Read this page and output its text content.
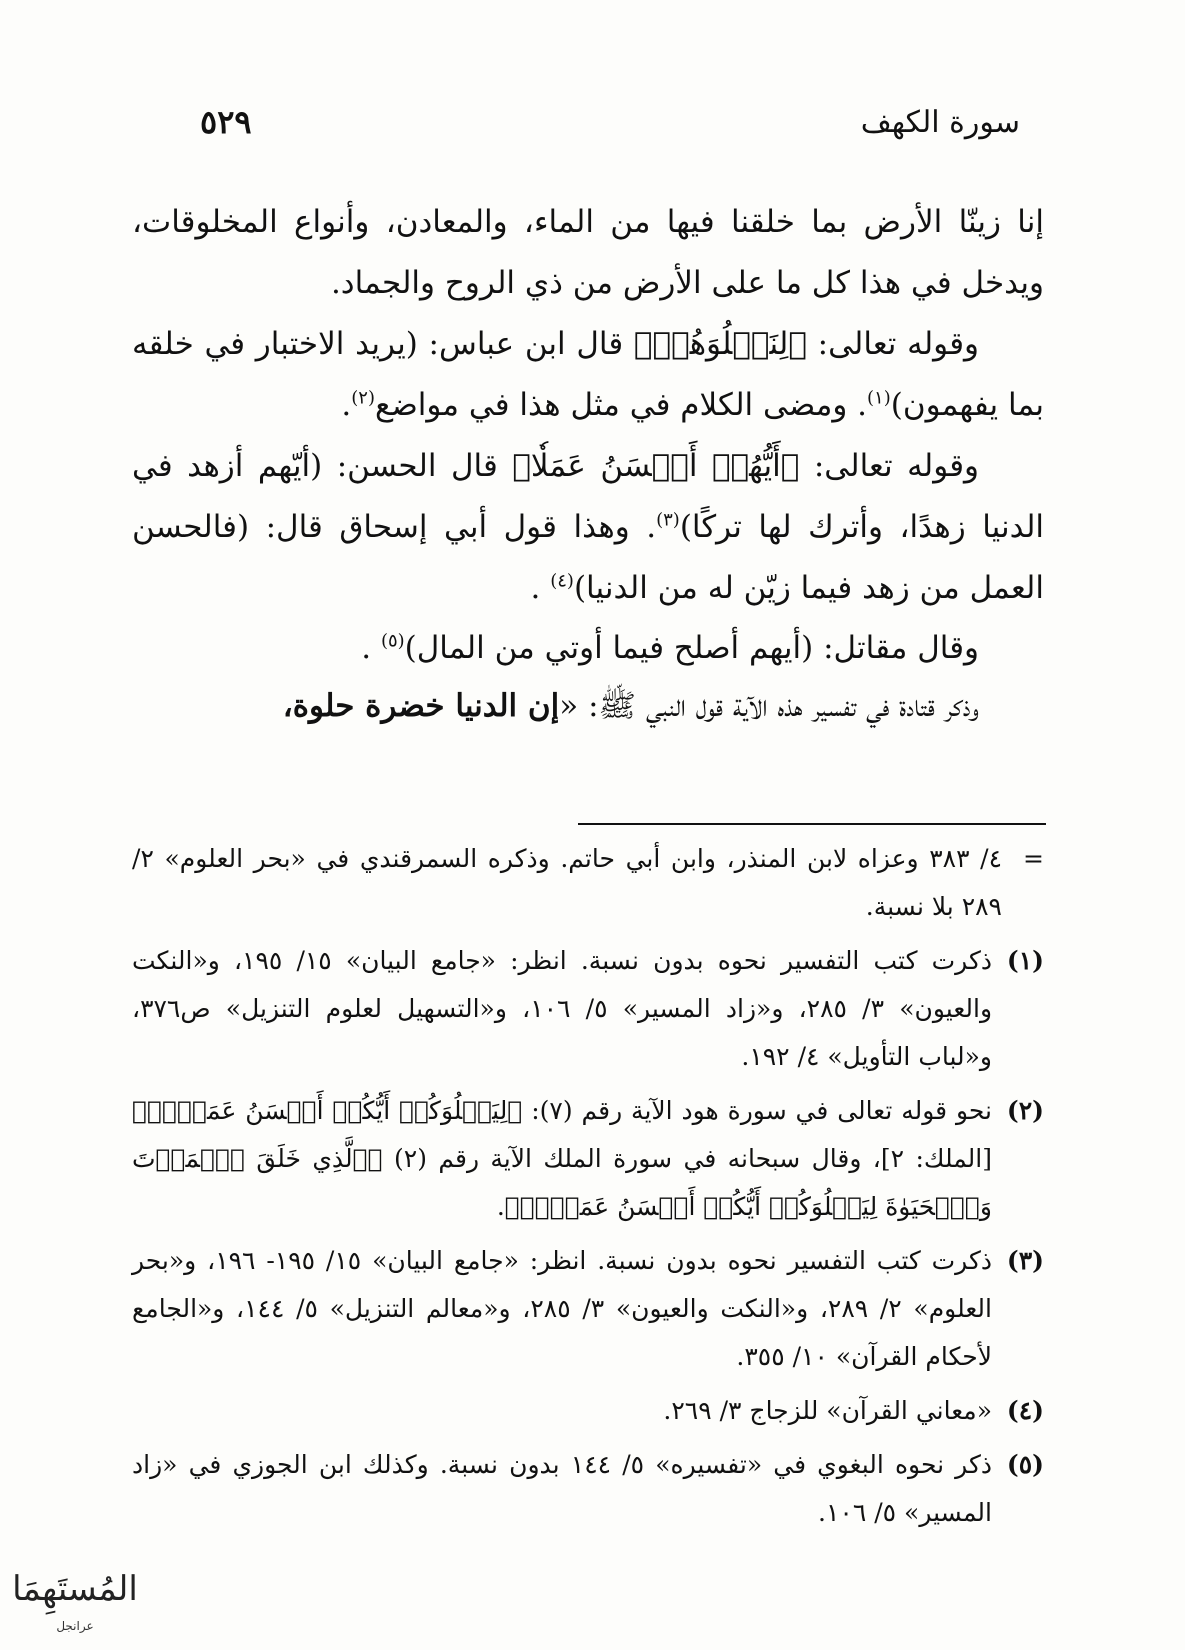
سورة الكهف
٥٢٩

إنا زينّا الأرض بما خلقنا فيها من الماء، والمعادن، وأنواع المخلوقات، ويدخل في هذا كل ما على الأرض من ذي الروح والجماد.

وقوله تعالى: ﴿لِنَبۡلُوَهُمۡ﴾ قال ابن عباس: (يريد الاختبار في خلقه بما يفهمون)$^{(١)}$. ومضى الكلام في مثل هذا في مواضع$^{(٢)}$.

وقوله تعالى: ﴿أَيُّهُمۡ أَحۡسَنُ عَمَلٗا﴾ قال الحسن: (أيّهم أزهد في الدنيا زهدًا، وأترك لها تركًا)$^{(٣)}$. وهذا قول أبي إسحاق قال: (فالحسن العمل من زهد فيما زيّن له من الدنيا)$^{(٤)}$ .

وقال مقاتل: (أيهم أصلح فيما أوتي من المال)$^{(٥)}$ .

وذكر قتادة في تفسير هذه الآية قول النبي ﷺ: «إن الدنيا خضرة حلوة،

=
٤/ ٣٨٣ وعزاه لابن المنذر، وابن أبي حاتم. وذكره السمرقندي في «بحر العلوم» ٢/ ٢٨٩ بلا نسبة.
(١)
ذكرت كتب التفسير نحوه بدون نسبة. انظر: «جامع البيان» ١٥/ ١٩٥، و«النكت والعيون» ٣/ ٢٨٥، و«زاد المسير» ٥/ ١٠٦، و«التسهيل لعلوم التنزيل» ص٣٧٦، و«لباب التأويل» ٤/ ١٩٢.
(٢)
نحو قوله تعالى في سورة هود الآية رقم (٧): ﴿لِيَبۡلُوَكُمۡ أَيُّكُمۡ أَحۡسَنُ عَمَلٗاۗ﴾ [الملك: ٢]، وقال سبحانه في سورة الملك الآية رقم (٢) ﴿ٱلَّذِي خَلَقَ ٱلۡمَوۡتَ وَٱلۡحَيَوٰةَ لِيَبۡلُوَكُمۡ أَيُّكُمۡ أَحۡسَنُ عَمَلٗاۚ﴾.
(٣)
ذكرت كتب التفسير نحوه بدون نسبة. انظر: «جامع البيان» ١٥/ ١٩٥- ١٩٦، و«بحر العلوم» ٢/ ٢٨٩، و«النكت والعيون» ٣/ ٢٨٥، و«معالم التنزيل» ٥/ ١٤٤، و«الجامع لأحكام القرآن» ١٠/ ٣٥٥.
(٤)
«معاني القرآن» للزجاج ٣/ ٢٦٩.
(٥)
ذكر نحوه البغوي في «تفسيره» ٥/ ١٤٤ بدون نسبة. وكذلك ابن الجوزي في «زاد المسير» ٥/ ١٠٦.
المُستَهِمَا
عرانجل
